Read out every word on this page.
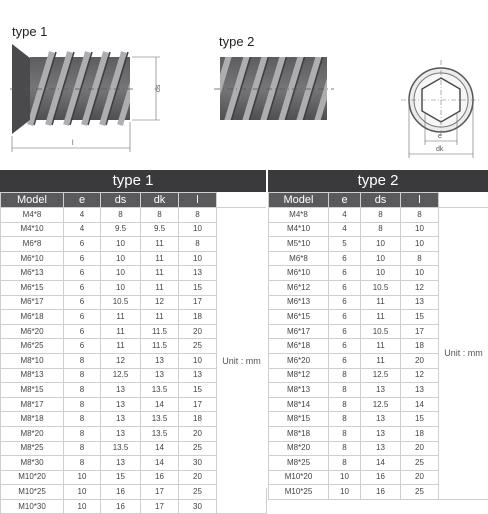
type 1
type 2
ds
l
e
dk
type 1
Model	e	ds	dk	l	
M4*8	4	8	8	8	Unit : mm
M4*10	4	9.5	9.5	10	
M6*8	6	10	11	8	
M6*10	6	10	11	10	
M6*13	6	10	11	13	
M6*15	6	10	11	15	
M6*17	6	10.5	12	17	
M6*18	6	11	11	18	
M6*20	6	11	11.5	20	
M6*25	6	11	11.5	25	
M8*10	8	12	13	10	
M8*13	8	12.5	13	13	
M8*15	8	13	13.5	15	
M8*17	8	13	14	17	
M8*18	8	13	13.5	18	
M8*20	8	13	13.5	20	
M8*25	8	13.5	14	25	
M8*30	8	13	14	30	
M10*20	10	15	16	20	
M10*25	10	16	17	25	
M10*30	10	16	17	30	
type 2
Model	e	ds	l	
M4*8	4	8	8	Unit : mm
M4*10	4	8	10	
M5*10	5	10	10	
M6*8	6	10	8	
M6*10	6	10	10	
M6*12	6	10.5	12	
M6*13	6	11	13	
M6*15	6	11	15	
M6*17	6	10.5	17	
M6*18	6	11	18	
M6*20	6	11	20	
M8*12	8	12.5	12	
M8*13	8	13	13	
M8*14	8	12.5	14	
M8*15	8	13	15	
M8*18	8	13	18	
M8*20	8	13	20	
M8*25	8	14	25	
M10*20	10	16	20	
M10*25	10	16	25	
